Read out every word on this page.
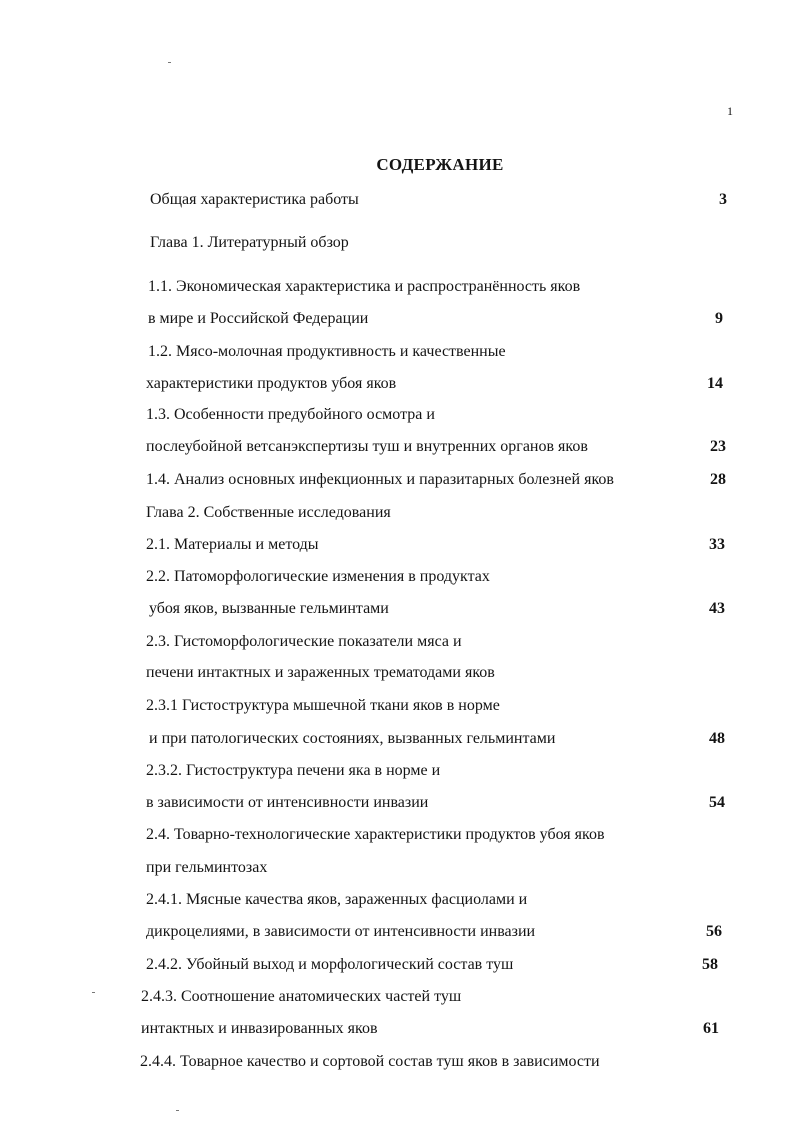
1
СОДЕРЖАНИЕ
Общая характеристика работы	3
Глава 1. Литературный обзор
1.1. Экономическая характеристика и распространённость яков
в мире и Российской Федерации	9
1.2. Мясо-молочная продуктивность и качественные
характеристики продуктов убоя яков	14
1.3. Особенности предубойного осмотра и
послеубойной ветсанэкспертизы туш и внутренних органов яков	23
1.4. Анализ основных инфекционных и паразитарных болезней яков	28
Глава 2. Собственные исследования
2.1. Материалы и методы	33
2.2. Патоморфологические изменения в продуктах
убоя яков, вызванные гельминтами	43
2.3. Гистоморфологические показатели мяса и
печени интактных и зараженных трематодами яков
2.3.1 Гистоструктура мышечной ткани яков в норме
и при патологических состояниях, вызванных гельминтами	48
2.3.2. Гистоструктура печени яка в норме и
в зависимости от интенсивности инвазии	54
2.4. Товарно-технологические характеристики продуктов убоя яков
при гельминтозах
2.4.1. Мясные качества яков, зараженных фасциолами и
дикроцелиями, в зависимости от интенсивности инвазии	56
2.4.2. Убойный выход и морфологический состав туш	58
2.4.3. Соотношение анатомических частей туш
интактных и инвазированных яков	61
2.4.4. Товарное качество и сортовой состав туш яков в зависимости
